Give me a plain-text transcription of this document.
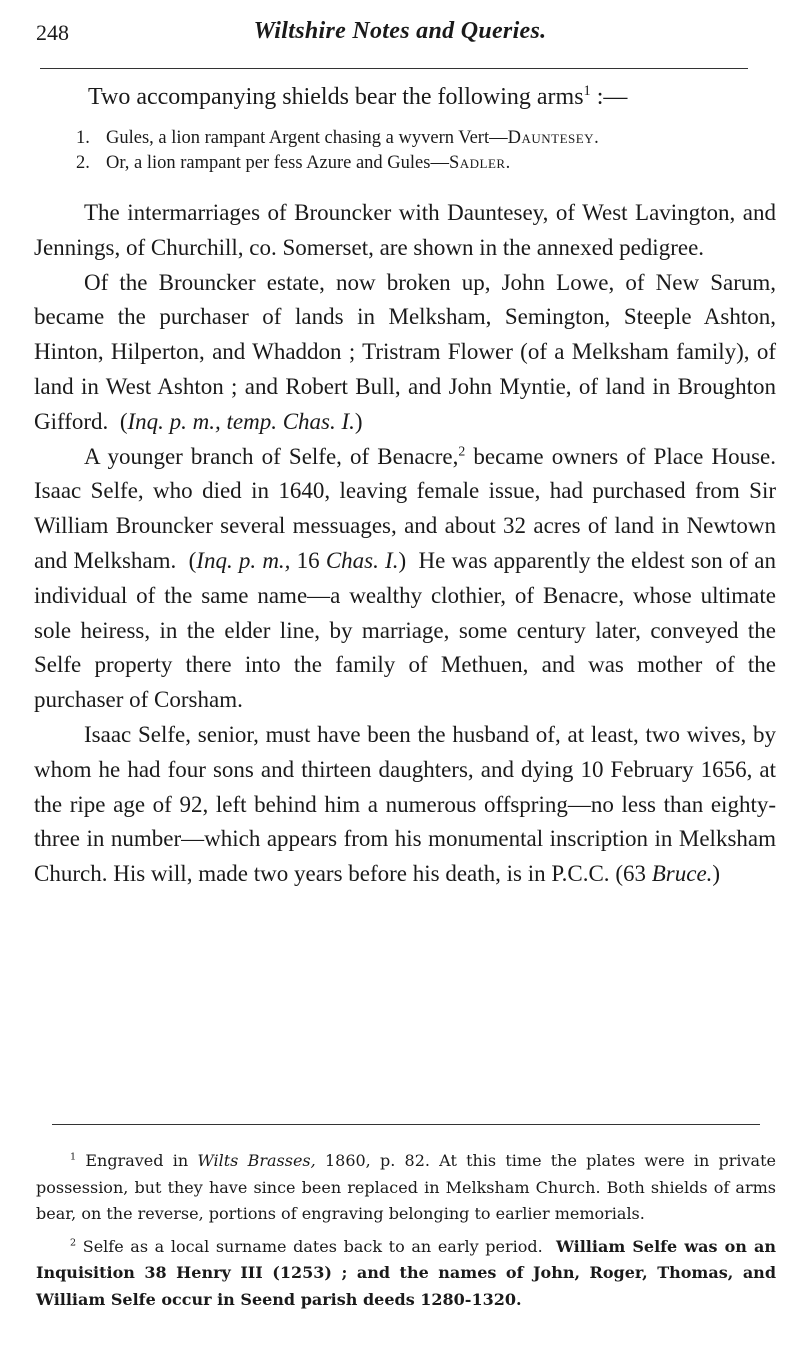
248	Wiltshire Notes and Queries.
Two accompanying shields bear the following arms$^1$ :—
1. Gules, a lion rampant Argent chasing a wyvern Vert—Dauntesey.
2. Or, a lion rampant per fess Azure and Gules—Sadler.

The intermarriages of Brouncker with Dauntesey, of West Lavington, and Jennings, of Churchill, co. Somerset, are shown in the annexed pedigree.

Of the Brouncker estate, now broken up, John Lowe, of New Sarum, became the purchaser of lands in Melksham, Semington, Steeple Ashton, Hinton, Hilperton, and Whaddon ; Tristram Flower (of a Melksham family), of land in West Ashton ; and Robert Bull, and John Myntie, of land in Broughton Gifford. (Inq. p. m., temp. Chas. I.)

A younger branch of Selfe, of Benacre,$^2$ became owners of Place House. Isaac Selfe, who died in 1640, leaving female issue, had purchased from Sir William Brouncker several messuages, and about 32 acres of land in Newtown and Melksham. (Inq. p. m., 16 Chas. I.) He was apparently the eldest son of an individual of the same name—a wealthy clothier, of Benacre, whose ultimate sole heiress, in the elder line, by marriage, some century later, conveyed the Selfe property there into the family of Methuen, and was mother of the purchaser of Corsham.

Isaac Selfe, senior, must have been the husband of, at least, two wives, by whom he had four sons and thirteen daughters, and dying 10 February 1656, at the ripe age of 92, left behind him a numerous offspring—no less than eighty-three in number—which appears from his monumental inscription in Melksham Church. His will, made two years before his death, is in P.C.C. (63 Bruce.)

$^1$ Engraved in Wilts Brasses, 1860, p. 82. At this time the plates were in private possession, but they have since been replaced in Melksham Church. Both shields of arms bear, on the reverse, portions of engraving belonging to earlier memorials.

$^2$ Selfe as a local surname dates back to an early period. William Selfe was on an Inquisition 38 Henry III (1253) ; and the names of John, Roger, Thomas, and William Selfe occur in Seend parish deeds 1280-1320.
